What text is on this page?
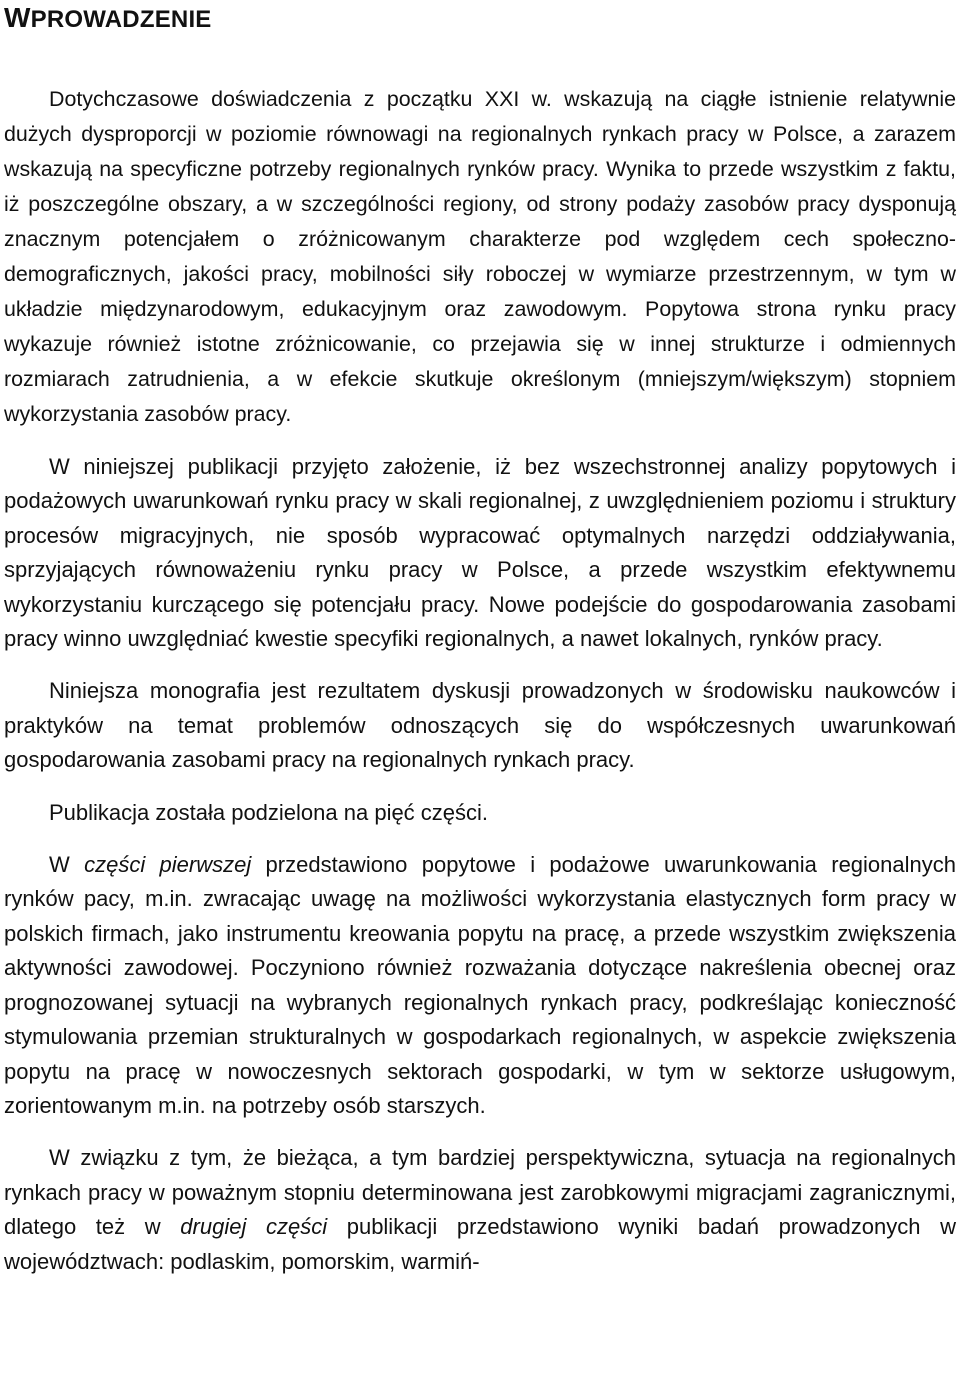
WPROWADZENIE

Dotychczasowe doświadczenia z początku XXI w. wskazują na ciągłe istnienie relatywnie dużych dysproporcji w poziomie równowagi na regionalnych rynkach pracy w Polsce, a zarazem wskazują na specyficzne potrzeby regionalnych rynków pracy. Wynika to przede wszystkim z faktu, iż poszczególne obszary, a w szczególności regiony, od strony podaży zasobów pracy dysponują znacznym potencjałem o zróżnicowanym charakterze pod względem cech społeczno-demograficznych, jakości pracy, mobilności siły roboczej w wymiarze przestrzennym, w tym w układzie międzynarodowym, edukacyjnym oraz zawodowym. Popytowa strona rynku pracy wykazuje również istotne zróżnicowanie, co przejawia się w innej strukturze i odmiennych rozmiarach zatrudnienia, a w efekcie skutkuje określonym (mniejszym/większym) stopniem wykorzystania zasobów pracy.

W niniejszej publikacji przyjęto założenie, iż bez wszechstronnej analizy popytowych i podażowych uwarunkowań rynku pracy w skali regionalnej, z uwzględnieniem poziomu i struktury procesów migracyjnych, nie sposób wypracować optymalnych narzędzi oddziaływania, sprzyjających równoważeniu rynku pracy w Polsce, a przede wszystkim efektywnemu wykorzystaniu kurczącego się potencjału pracy. Nowe podejście do gospodarowania zasobami pracy winno uwzględniać kwestie specyfiki regionalnych, a nawet lokalnych, rynków pracy.

Niniejsza monografia jest rezultatem dyskusji prowadzonych w środowisku naukowców i praktyków na temat problemów odnoszących się do współczesnych uwarunkowań gospodarowania zasobami pracy na regionalnych rynkach pracy.

Publikacja została podzielona na pięć części.

W części pierwszej przedstawiono popytowe i podażowe uwarunkowania regionalnych rynków pacy, m.in. zwracając uwagę na możliwości wykorzystania elastycznych form pracy w polskich firmach, jako instrumentu kreowania popytu na pracę, a przede wszystkim zwiększenia aktywności zawodowej. Poczyniono również rozważania dotyczące nakreślenia obecnej oraz prognozowanej sytuacji na wybranych regionalnych rynkach pracy, podkreślając konieczność stymulowania przemian strukturalnych w gospodarkach regionalnych, w aspekcie zwiększenia popytu na pracę w nowoczesnych sektorach gospodarki, w tym w sektorze usługowym, zorientowanym m.in. na potrzeby osób starszych.

W związku z tym, że bieżąca, a tym bardziej perspektywiczna, sytuacja na regionalnych rynkach pracy w poważnym stopniu determinowana jest zarobkowymi migracjami zagranicznymi, dlatego też w drugiej części publikacji przedstawiono wyniki badań prowadzonych w województwach: podlaskim, pomorskim, warmiń-
